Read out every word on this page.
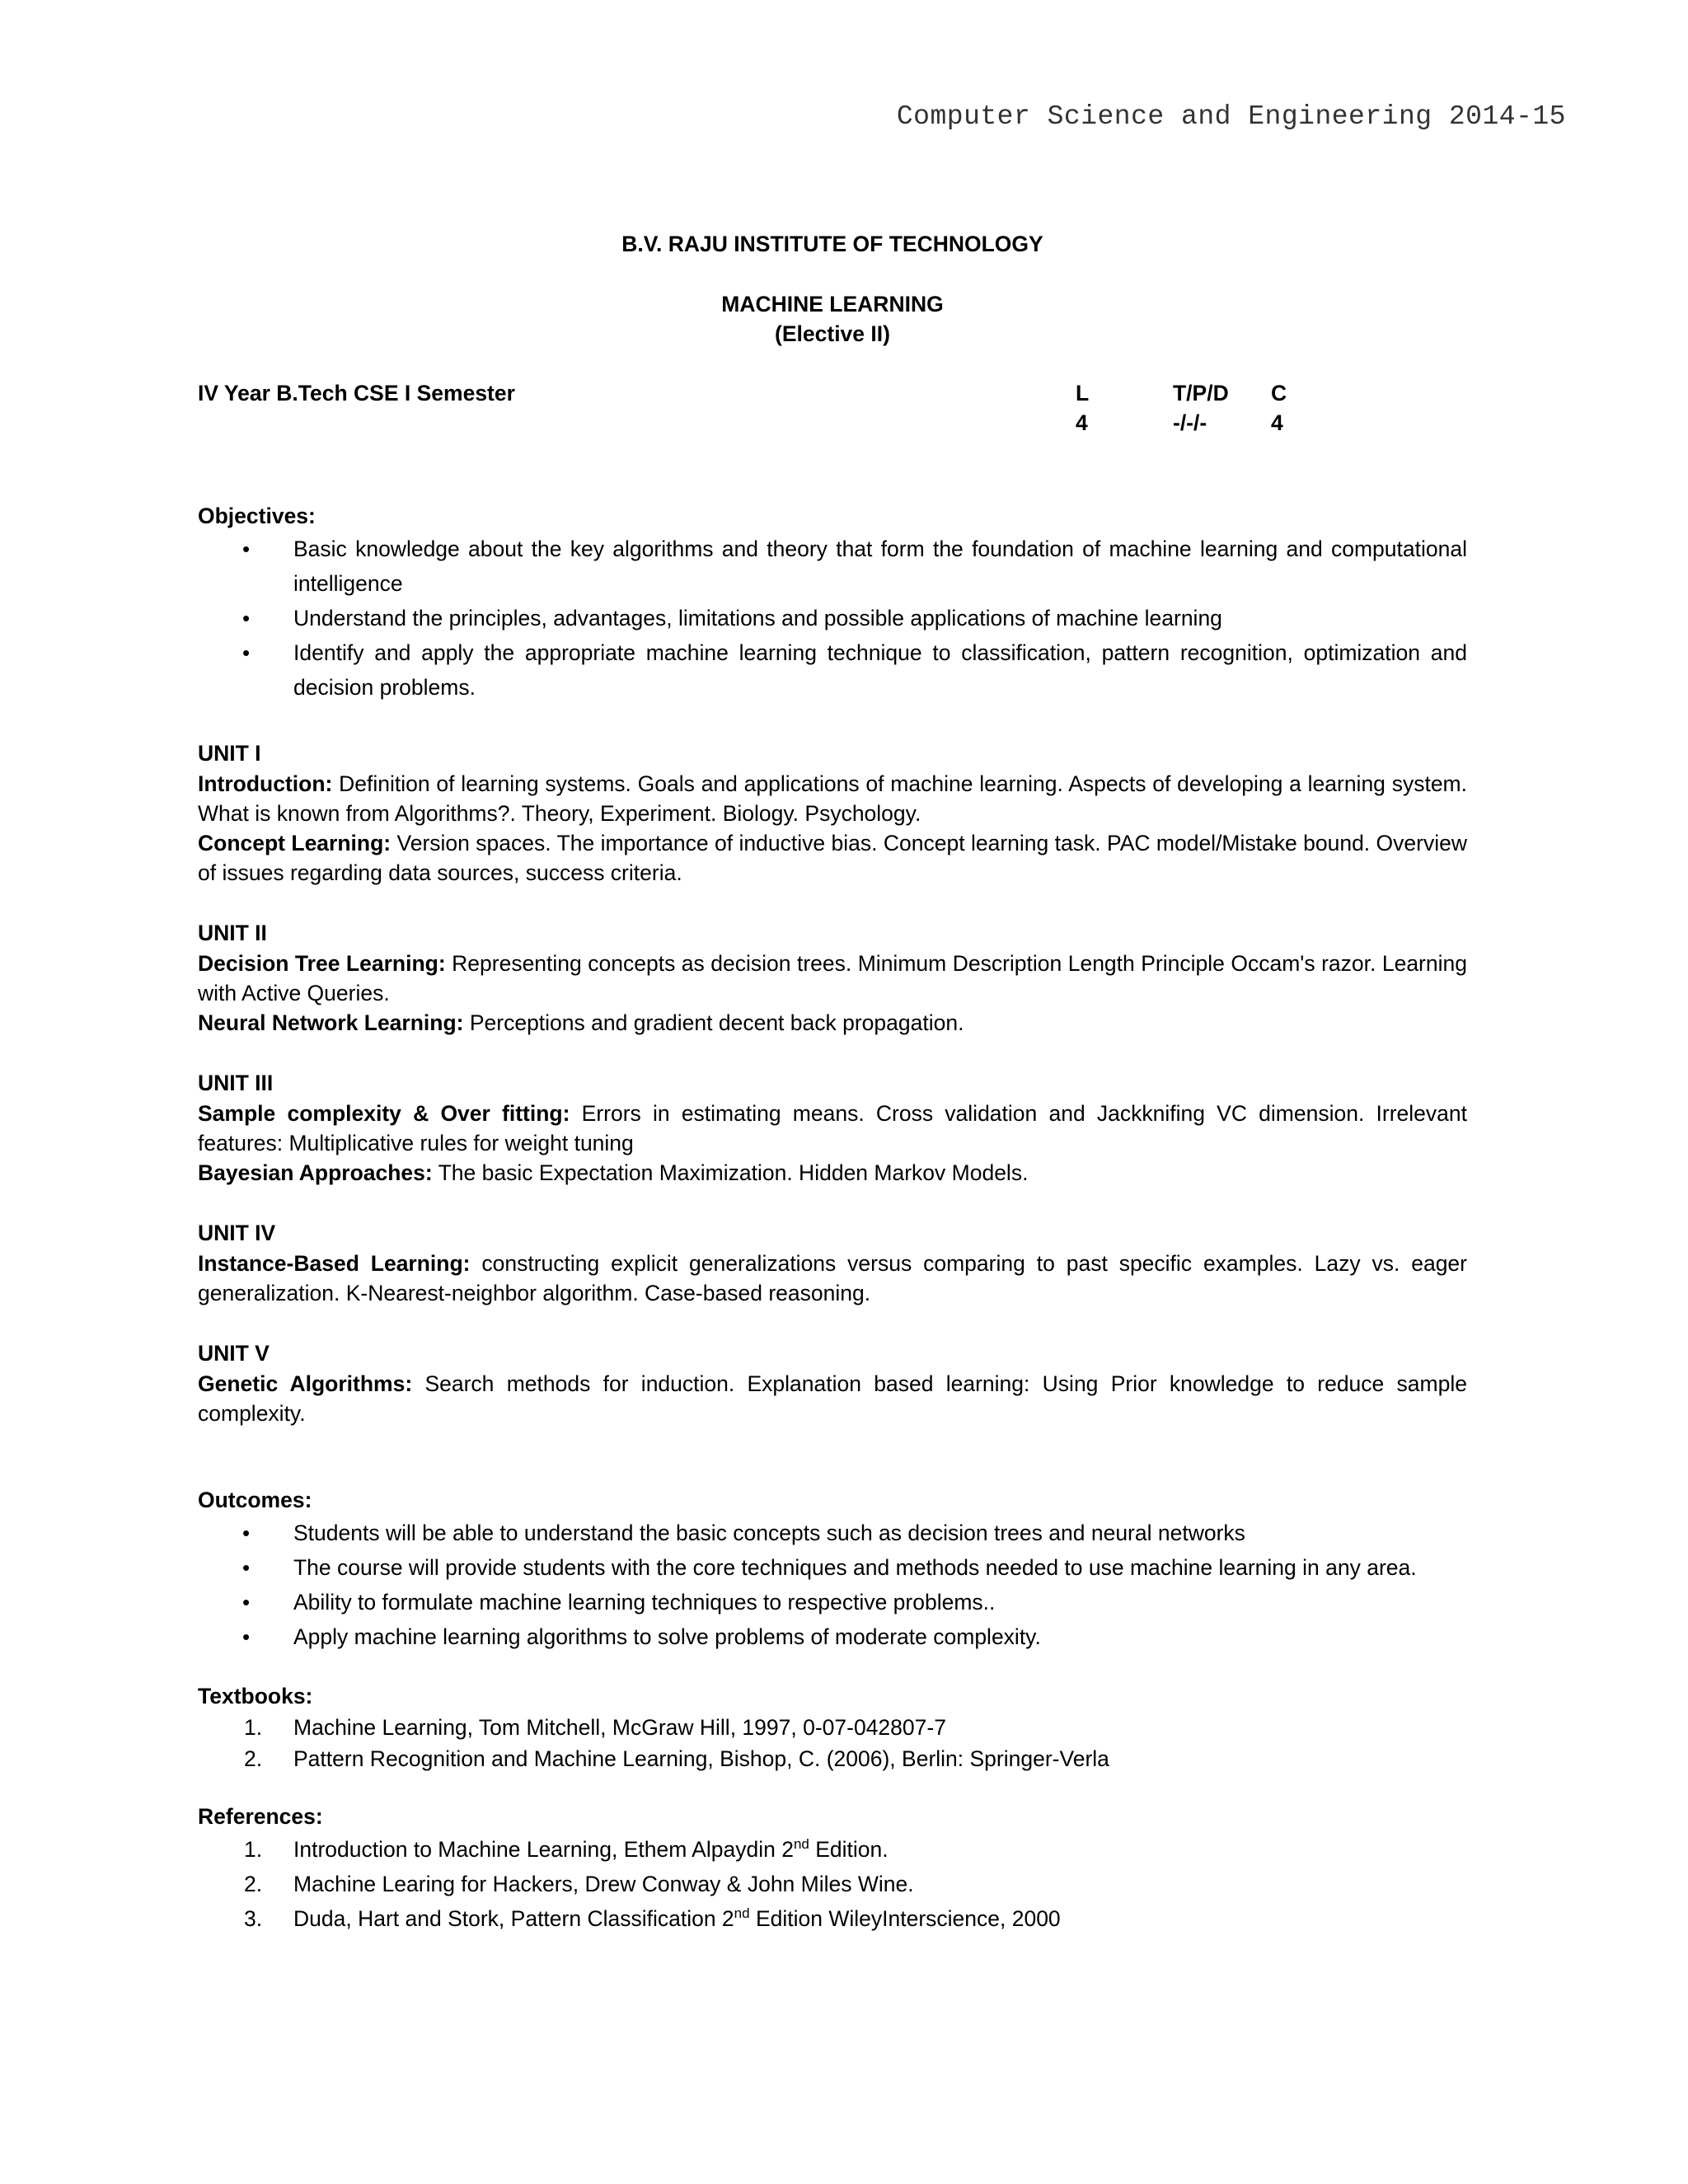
Computer Science and Engineering 2014-15
B.V. RAJU INSTITUTE OF TECHNOLOGY
MACHINE LEARNING
(Elective II)
IV Year B.Tech CSE I Semester	L
4
T/P/D
-/-/-
C
4
Objectives:
• Basic knowledge about the key algorithms and theory that form the foundation of machine learning and computational intelligence
• Understand the principles, advantages, limitations and possible applications of machine learning
• Identify and apply the appropriate machine learning technique to classification, pattern recognition, optimization and decision problems.
UNIT I
Introduction: Definition of learning systems. Goals and applications of machine learning. Aspects of developing a learning system. What is known from Algorithms?. Theory, Experiment. Biology. Psychology.
Concept Learning: Version spaces. The importance of inductive bias. Concept learning task. PAC model/Mistake bound. Overview of issues regarding data sources, success criteria.
UNIT II
Decision Tree Learning: Representing concepts as decision trees. Minimum Description Length Principle Occam's razor. Learning with Active Queries.
Neural Network Learning: Perceptions and gradient decent back propagation.
UNIT III
Sample complexity & Over fitting: Errors in estimating means. Cross validation and Jackknifing VC dimension. Irrelevant features: Multiplicative rules for weight tuning
Bayesian Approaches: The basic Expectation Maximization. Hidden Markov Models.
UNIT IV
Instance-Based Learning: constructing explicit generalizations versus comparing to past specific examples. Lazy vs. eager generalization. K-Nearest-neighbor algorithm. Case-based reasoning.
UNIT V
Genetic Algorithms: Search methods for induction. Explanation based learning: Using Prior knowledge to reduce sample complexity.
Outcomes:
• Students will be able to understand the basic concepts such as decision trees and neural networks
• The course will provide students with the core techniques and methods needed to use machine learning in any area.
• Ability to formulate machine learning techniques to respective problems..
• Apply machine learning algorithms to solve problems of moderate complexity.
Textbooks:
1. Machine Learning, Tom Mitchell, McGraw Hill, 1997, 0-07-042807-7
2. Pattern Recognition and Machine Learning, Bishop, C. (2006), Berlin: Springer-Verla
References:
1. Introduction to Machine Learning, Ethem Alpaydin 2nd Edition.
2. Machine Learing for Hackers, Drew Conway & John Miles Wine.
3. Duda, Hart and Stork, Pattern Classification 2nd Edition WileyInterscience, 2000
